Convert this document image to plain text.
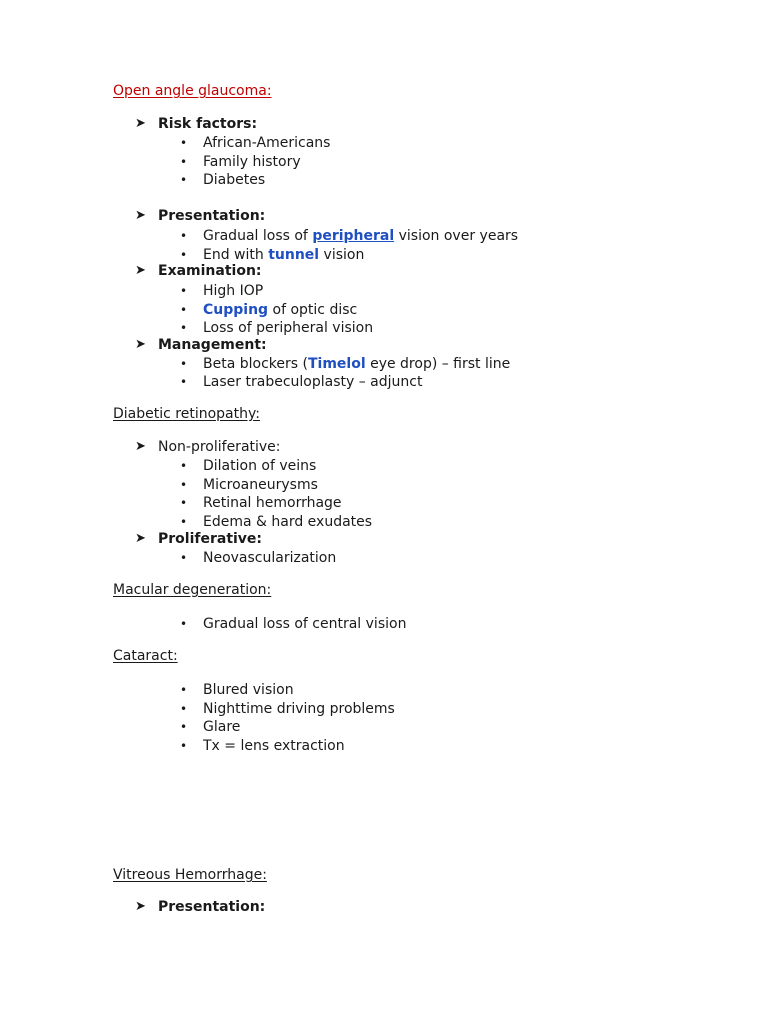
Open angle glaucoma:
➤ Risk factors:
• African-Americans
• Family history
• Diabetes
➤ Presentation:
• Gradual loss of peripheral vision over years
• End with tunnel vision
➤ Examination:
• High IOP
• Cupping of optic disc
• Loss of peripheral vision
➤ Management:
• Beta blockers (Timelol eye drop) – first line
• Laser trabeculoplasty – adjunct
Diabetic retinopathy:
➤ Non-proliferative:
• Dilation of veins
• Microaneurysms
• Retinal hemorrhage
• Edema & hard exudates
➤ Proliferative:
• Neovascularization
Macular degeneration:
• Gradual loss of central vision
Cataract:
• Blured vision
• Nighttime driving problems
• Glare
• Tx = lens extraction
Vitreous Hemorrhage:
➤ Presentation:
